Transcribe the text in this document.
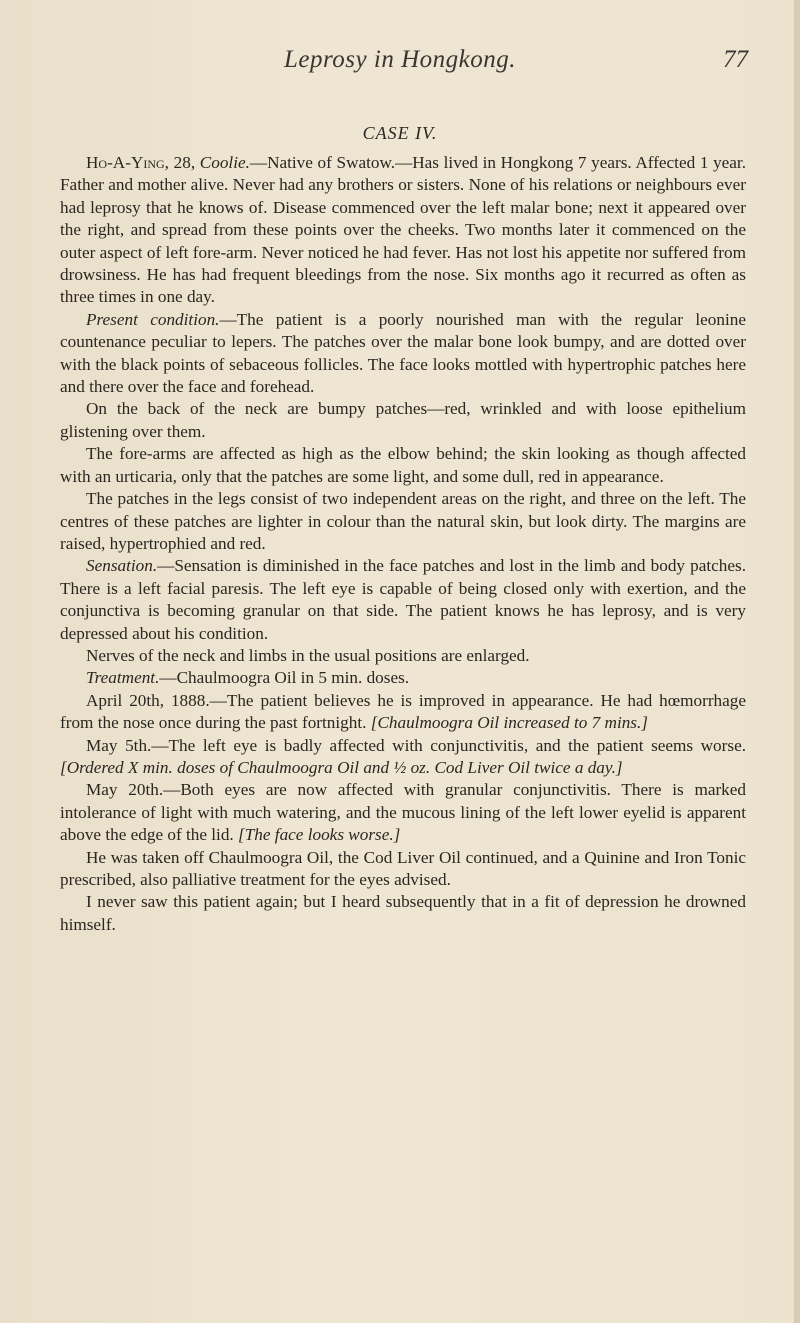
Leprosy in Hongkong.	77
CASE IV.

Ho-A-Ying, 28, Coolie.—Native of Swatow.—Has lived in Hongkong 7 years. Affected 1 year. Father and mother alive. Never had any brothers or sisters. None of his relations or neighbours ever had leprosy that he knows of. Disease commenced over the left malar bone; next it appeared over the right, and spread from these points over the cheeks. Two months later it commenced on the outer aspect of left fore-arm. Never noticed he had fever. Has not lost his appetite nor suffered from drowsiness. He has had frequent bleedings from the nose. Six months ago it recurred as often as three times in one day.

Present condition.—The patient is a poorly nourished man with the regular leonine countenance peculiar to lepers. The patches over the malar bone look bumpy, and are dotted over with the black points of sebaceous follicles. The face looks mottled with hypertrophic patches here and there over the face and forehead.

On the back of the neck are bumpy patches—red, wrinkled and with loose epithelium glistening over them.

The fore-arms are affected as high as the elbow behind; the skin looking as though affected with an urticaria, only that the patches are some light, and some dull, red in appearance.

The patches in the legs consist of two independent areas on the right, and three on the left. The centres of these patches are lighter in colour than the natural skin, but look dirty. The margins are raised, hypertrophied and red.

Sensation.—Sensation is diminished in the face patches and lost in the limb and body patches. There is a left facial paresis. The left eye is capable of being closed only with exertion, and the conjunctiva is becoming granular on that side. The patient knows he has leprosy, and is very depressed about his condition.

Nerves of the neck and limbs in the usual positions are enlarged.

Treatment.—Chaulmoogra Oil in 5 min. doses.

April 20th, 1888.—The patient believes he is improved in appearance. He had hœmorrhage from the nose once during the past fortnight. [Chaulmoogra Oil increased to 7 mins.]

May 5th.—The left eye is badly affected with conjunctivitis, and the patient seems worse. [Ordered X min. doses of Chaulmoogra Oil and ½ oz. Cod Liver Oil twice a day.]

May 20th.—Both eyes are now affected with granular conjunctivitis. There is marked intolerance of light with much watering, and the mucous lining of the left lower eyelid is apparent above the edge of the lid. [The face looks worse.]

He was taken off Chaulmoogra Oil, the Cod Liver Oil continued, and a Quinine and Iron Tonic prescribed, also palliative treatment for the eyes advised.

I never saw this patient again; but I heard subsequently that in a fit of depression he drowned himself.
